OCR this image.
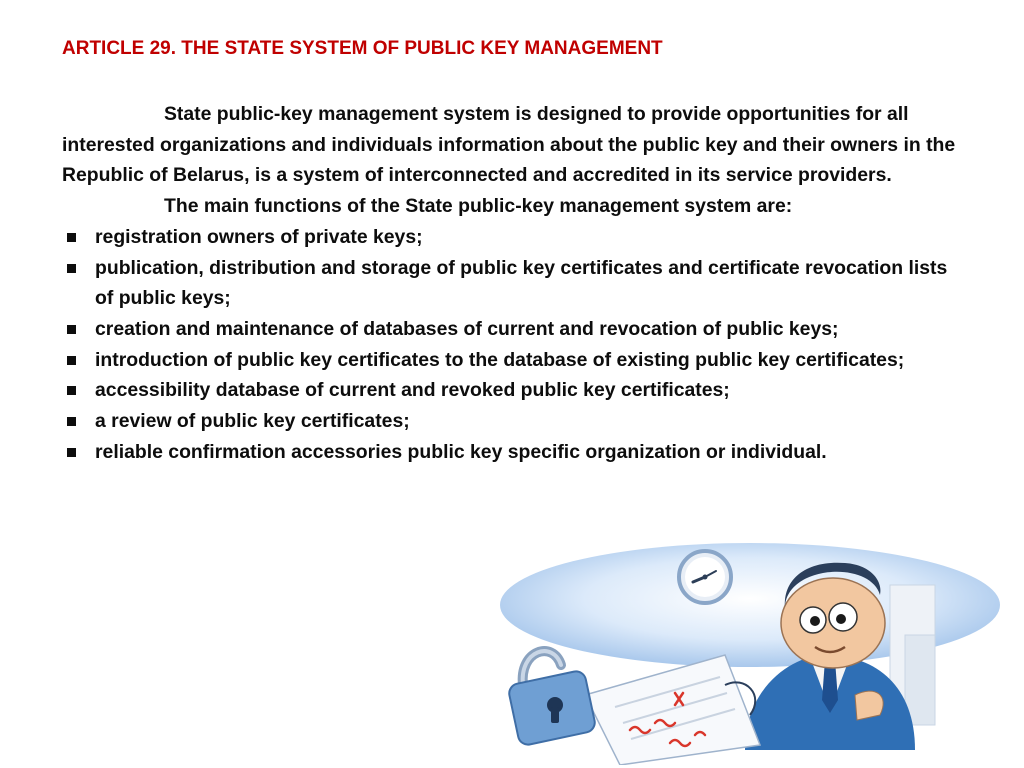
ARTICLE 29. THE STATE SYSTEM OF PUBLIC KEY MANAGEMENT

State public-key management system is designed to provide opportunities for all interested organizations and individuals information about the public key and their owners in the Republic of Belarus, is a system of interconnected and accredited in its service providers.

The main functions of the State public-key management system are:

registration owners of private keys;
publication, distribution and storage of public key certificates and certificate revocation lists of public keys;
creation and maintenance of databases of current and revocation of public keys;
introduction of public key certificates to the database of existing public key certificates;
accessibility database of current and revoked public key certificates;
a review of public key certificates;
reliable confirmation accessories public key specific organization or individual.
